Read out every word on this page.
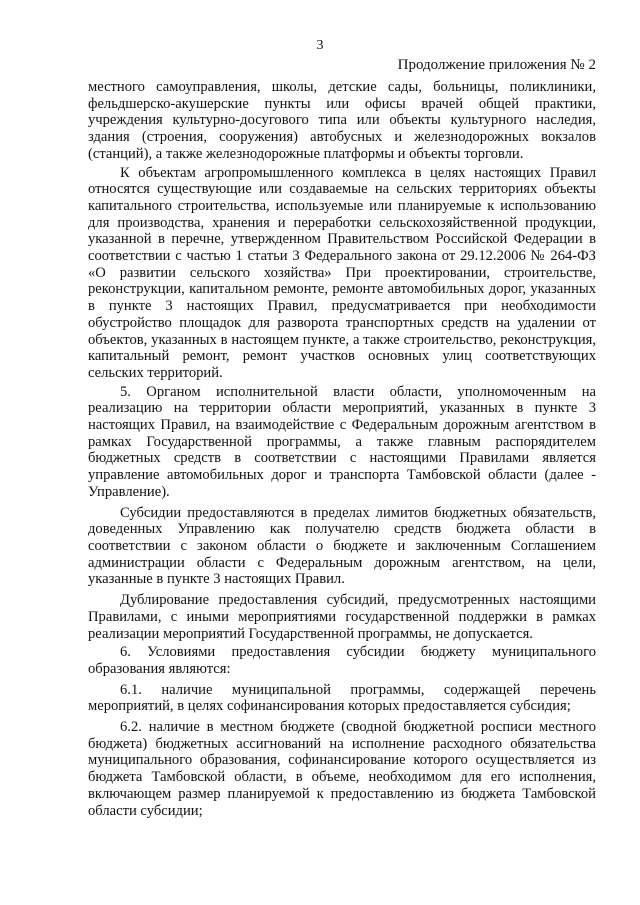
3
Продолжение приложения № 2

местного самоуправления, школы, детские сады, больницы, поликлиники, фельдшерско-акушерские пункты или офисы врачей общей практики, учреждения культурно-досугового типа или объекты культурного наследия, здания (строения, сооружения) автобусных и железнодорожных вокзалов (станций), а также железнодорожные платформы и объекты торговли.

К объектам агропромышленного комплекса в целях настоящих Правил относятся существующие или создаваемые на сельских территориях объекты капитального строительства, используемые или планируемые к использованию для производства, хранения и переработки сельскохозяйственной продукции, указанной в перечне, утвержденном Правительством Российской Федерации в соответствии с частью 1 статьи 3 Федерального закона от 29.12.2006 № 264-ФЗ «О развитии сельского хозяйства» При проектировании, строительстве, реконструкции, капитальном ремонте, ремонте автомобильных дорог, указанных в пункте 3 настоящих Правил, предусматривается при необходимости обустройство площадок для разворота транспортных средств на удалении от объектов, указанных в настоящем пункте, а также строительство, реконструкция, капитальный ремонт, ремонт участков основных улиц соответствующих сельских территорий.

5. Органом исполнительной власти области, уполномоченным на реализацию на территории области мероприятий, указанных в пункте 3 настоящих Правил, на взаимодействие с Федеральным дорожным агентством в рамках Государственной программы, а также главным распорядителем бюджетных средств в соответствии с настоящими Правилами является управление автомобильных дорог и транспорта Тамбовской области (далее - Управление).

Субсидии предоставляются в пределах лимитов бюджетных обязательств, доведенных Управлению как получателю средств бюджета области в соответствии с законом области о бюджете и заключенным Соглашением администрации области с Федеральным дорожным агентством, на цели, указанные в пункте 3 настоящих Правил.

Дублирование предоставления субсидий, предусмотренных настоящими Правилами, с иными мероприятиями государственной поддержки в рамках реализации мероприятий Государственной программы, не допускается.

6. Условиями предоставления субсидии бюджету муниципального образования являются:

6.1. наличие муниципальной программы, содержащей перечень мероприятий, в целях софинансирования которых предоставляется субсидия;

6.2. наличие в местном бюджете (сводной бюджетной росписи местного бюджета) бюджетных ассигнований на исполнение расходного обязательства муниципального образования, софинансирование которого осуществляется из бюджета Тамбовской области, в объеме, необходимом для его исполнения, включающем размер планируемой к предоставлению из бюджета Тамбовской области субсидии;
